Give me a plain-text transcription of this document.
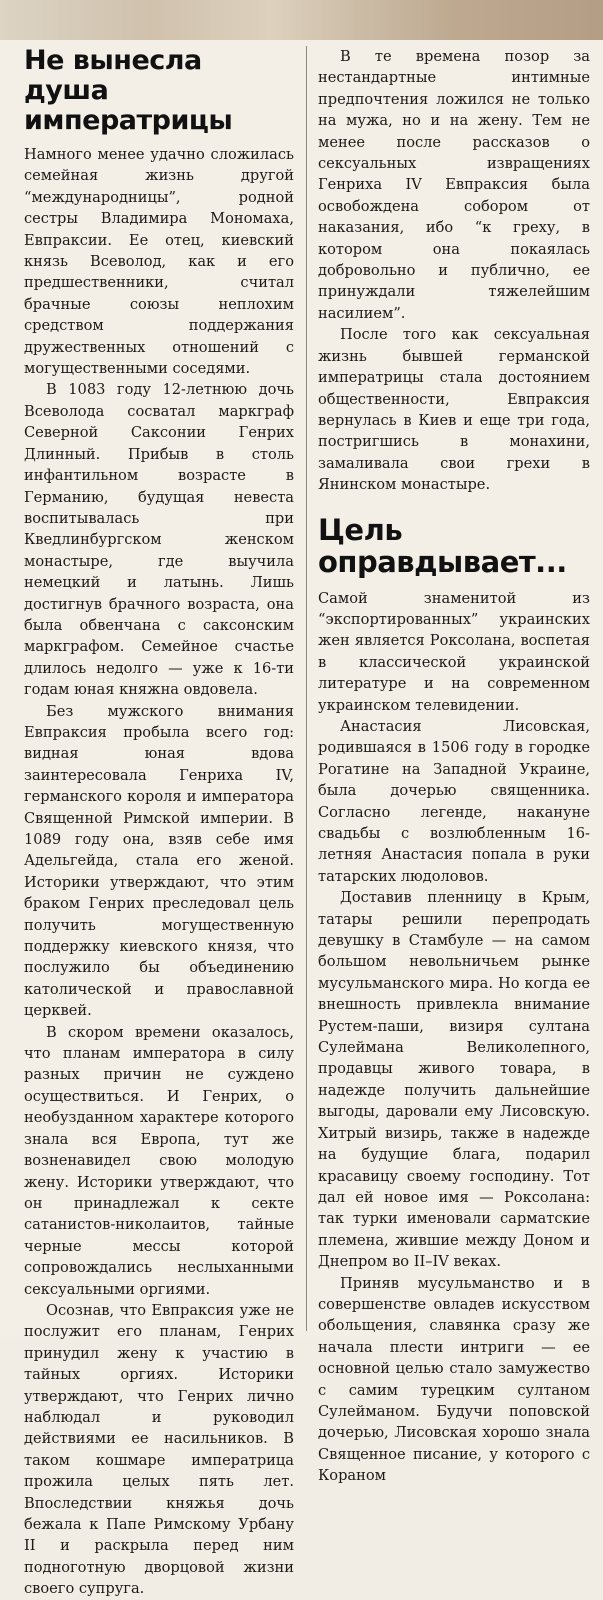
Не вынесла душа императрицы

Намного менее удачно сложилась семейная жизнь другой “международницы”, родной сестры Владимира Мономаха, Евпраксии. Ее отец, киевский князь Всеволод, как и его предшественники, считал брачные союзы неплохим средством поддержания дружественных отношений с могущественными соседями.

В 1083 году 12-летнюю дочь Всеволода сосватал маркграф Северной Саксонии Генрих Длинный. Прибыв в столь инфантильном возрасте в Германию, будущая невеста воспитывалась при Кведлинбургском женском монастыре, где выучила немецкий и латынь. Лишь достигнув брачного возраста, она была обвенчана с саксонским маркграфом. Семейное счастье длилось недолго — уже к 16-ти годам юная княжна овдовела.

Без мужского внимания Евпраксия пробыла всего год: видная юная вдова заинтересовала Генриха IV, германского короля и императора Священной Римской империи. В 1089 году она, взяв себе имя Адельгейда, стала его женой. Историки утверждают, что этим браком Генрих преследовал цель получить могущественную поддержку киевского князя, что послужило бы объединению католической и православной церквей.

В скором времени оказалось, что планам императора в силу разных причин не суждено осуществиться. И Генрих, о необузданном характере которого знала вся Европа, тут же возненавидел свою молодую жену. Историки утверждают, что он принадлежал к секте сатанистов-николаитов, тайные черные мессы которой сопровождались неслыханными сексуальными оргиями.

Осознав, что Евпраксия уже не послужит его планам, Генрих принудил жену к участию в тайных оргиях. Историки утверждают, что Генрих лично наблюдал и руководил действиями ее насильников. В таком кошмаре императрица прожила целых пять лет. Впоследствии княжья дочь бежала к Папе Римскому Урбану II и раскрыла перед ним подноготную дворцовой жизни своего супруга.

В те времена позор за нестандартные интимные предпочтения ложился не только на мужа, но и на жену. Тем не менее после рассказов о сексуальных извращениях Генриха IV Евпраксия была освобождена собором от наказания, ибо “к греху, в котором она покаялась добровольно и публично, ее принуждали тяжелейшим насилием”.

После того как сексуальная жизнь бывшей германской императрицы стала достоянием общественности, Евпраксия вернулась в Киев и еще три года, постригшись в монахини, замаливала свои грехи в Янинском монастыре.

Цель оправдывает...

Самой знаменитой из “экспортированных” украинских жен является Роксолана, воспетая в классической украинской литературе и на современном украинском телевидении.

Анастасия Лисовская, родившаяся в 1506 году в городке Рогатине на Западной Украине, была дочерью священника. Согласно легенде, накануне свадьбы с возлюбленным 16-летняя Анастасия попала в руки татарских людоловов.

Доставив пленницу в Крым, татары решили перепродать девушку в Стамбуле — на самом большом невольничьем рынке мусульманского мира. Но когда ее внешность привлекла внимание Рустем-паши, визиря султана Сулеймана Великолепного, продавцы живого товара, в надежде получить дальнейшие выгоды, даровали ему Лисовскую. Хитрый визирь, также в надежде на будущие блага, подарил красавицу своему господину. Тот дал ей новое имя — Роксолана: так турки именовали сарматские племена, жившие между Доном и Днепром во II–IV веках.

Приняв мусульманство и в совершенстве овладев искусством обольщения, славянка сразу же начала плести интриги — ее основной целью стало замужество с самим турецким султаном Сулейманом. Будучи поповской дочерью, Лисовская хорошо знала Священное писание, у которого с Кораном
